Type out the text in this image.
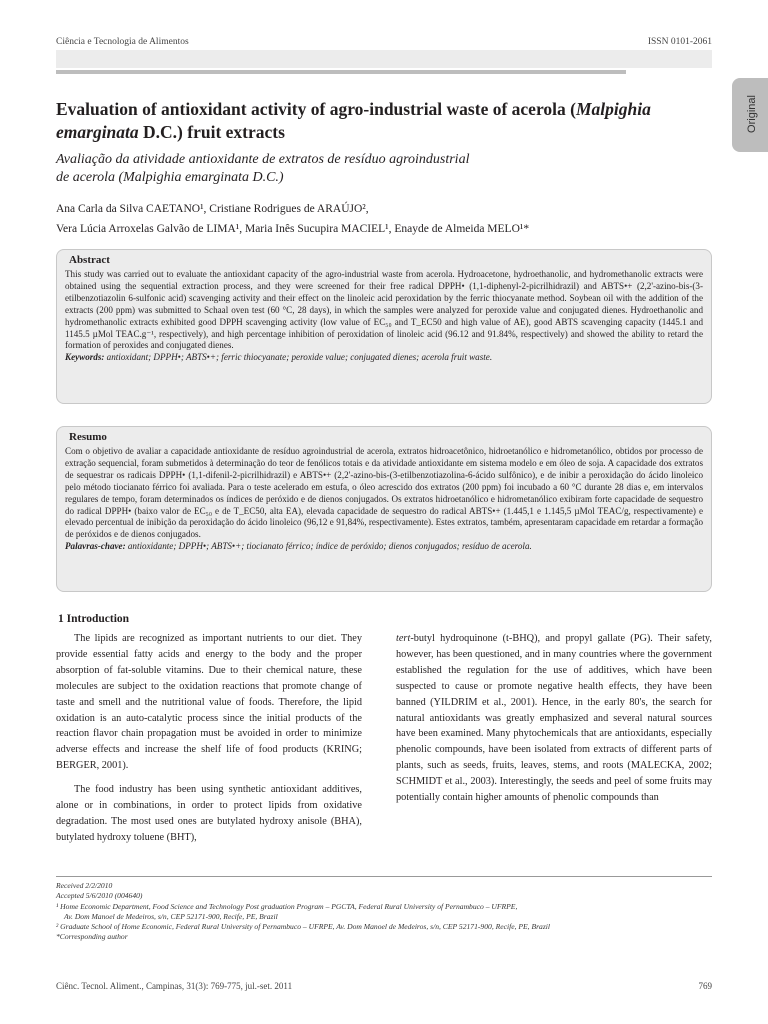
Ciência e Tecnologia de Alimentos	ISSN 0101-2061
Original
Evaluation of antioxidant activity of agro-industrial waste of acerola (Malpighia emarginata D.C.) fruit extracts
Avaliação da atividade antioxidante de extratos de resíduo agroindustrial
de acerola (Malpighia emarginata D.C.)
Ana Carla da Silva CAETANO¹, Cristiane Rodrigues de ARAÚJO²,
Vera Lúcia Arroxelas Galvão de LIMA¹, Maria Inês Sucupira MACIEL¹, Enayde de Almeida MELO¹*
Abstract

This study was carried out to evaluate the antioxidant capacity of the agro-industrial waste from acerola. Hydroacetone, hydroethanolic, and hydromethanolic extracts were obtained using the sequential extraction process, and they were screened for their free radical DPPH• (1,1-diphenyl-2-picrilhidrazil) and ABTS•+ (2,2'-azino-bis-(3-etilbenzotiazolin 6-sulfonic acid) scavenging activity and their effect on the linoleic acid peroxidation by the ferric thiocyanate method. Soybean oil with the addition of the extracts (200 ppm) was submitted to Schaal oven test (60 °C, 28 days), in which the samples were analyzed for peroxide value and conjugated dienes. Hydroethanolic and hydromethanolic extracts exhibited good DPPH scavenging activity (low value of EC₅₀ and T_EC50 and high value of AE), good ABTS scavenging capacity (1445.1 and 1145.5 µMol TEAC.g⁻¹, respectively), and high percentage inhibition of peroxidation of linoleic acid (96.12 and 91.84%, respectively) and showed the ability to retard the formation of peroxides and conjugated dienes.
Keywords: antioxidant; DPPH•; ABTS•+; ferric thiocyanate; peroxide value; conjugated dienes; acerola fruit waste.

Resumo

Com o objetivo de avaliar a capacidade antioxidante de resíduo agroindustrial de acerola, extratos hidroacetônico, hidroetanólico e hidrometanólico, obtidos por processo de extração sequencial, foram submetidos à determinação do teor de fenólicos totais e da atividade antioxidante em sistema modelo e em óleo de soja. A capacidade dos extratos de sequestrar os radicais DPPH• (1,1-difenil-2-picrilhidrazil) e ABTS•+ (2,2'-azino-bis-(3-etilbenzotiazolina-6-ácido sulfônico), e de inibir a peroxidação do ácido linoleico pelo método tiocianato férrico foi avaliada. Para o teste acelerado em estufa, o óleo acrescido dos extratos (200 ppm) foi incubado a 60 °C durante 28 dias e, em intervalos regulares de tempo, foram determinados os índices de peróxido e de dienos conjugados. Os extratos hidroetanólico e hidrometanólico exibiram forte capacidade de sequestro do radical DPPH• (baixo valor de EC₅₀ e de T_EC50, alta EA), elevada capacidade de sequestro do radical ABTS•+ (1.445,1 e 1.145,5 µMol TEAC/g, respectivamente) e elevado percentual de inibição da peroxidação do ácido linoleico (96,12 e 91,84%, respectivamente). Estes extratos, também, apresentaram capacidade em retardar a formação de peróxidos e de dienos conjugados.
Palavras-chave: antioxidante; DPPH•; ABTS•+; tiocianato férrico; índice de peróxido; dienos conjugados; resíduo de acerola.

1 Introduction

The lipids are recognized as important nutrients to our diet. They provide essential fatty acids and energy to the body and the proper absorption of fat-soluble vitamins. Due to their chemical nature, these molecules are subject to the oxidation reactions that promote change of taste and smell and the nutritional value of foods. Therefore, the lipid oxidation is an auto-catalytic process since the initial products of the reaction flavor chain propagation must be avoided in order to minimize adverse effects and increase the shelf life of food products (KRING; BERGER, 2001).

The food industry has been using synthetic antioxidant additives, alone or in combinations, in order to protect lipids from oxidative degradation. The most used ones are butylated hydroxy anisole (BHA), butylated hydroxy toluene (BHT),

tert-butyl hydroquinone (t-BHQ), and propyl gallate (PG). Their safety, however, has been questioned, and in many countries where the government established the regulation for the use of additives, which have been suspected to cause or promote negative health effects, they have been banned (YILDRIM et al., 2001). Hence, in the early 80's, the search for natural antioxidants was greatly emphasized and several natural sources have been examined. Many phytochemicals that are antioxidants, especially phenolic compounds, have been isolated from extracts of different parts of plants, such as seeds, fruits, leaves, stems, and roots (MALECKA, 2002; SCHMIDT et al., 2003). Interestingly, the seeds and peel of some fruits may potentially contain higher amounts of phenolic compounds than

Received 2/2/2010
Accepted 5/6/2010 (004640)
¹ Home Economic Department, Food Science and Technology Post graduation Program – PGCTA, Federal Rural University of Pernambuco – UFRPE,
Av. Dom Manoel de Medeiros, s/n, CEP 52171-900, Recife, PE, Brazil
² Graduate School of Home Economic, Federal Rural University of Pernambuco – UFRPE, Av. Dom Manoel de Medeiros, s/n, CEP 52171-900, Recife, PE, Brazil
*Corresponding author
Ciênc. Tecnol. Aliment., Campinas, 31(3): 769-775, jul.-set. 2011	769
